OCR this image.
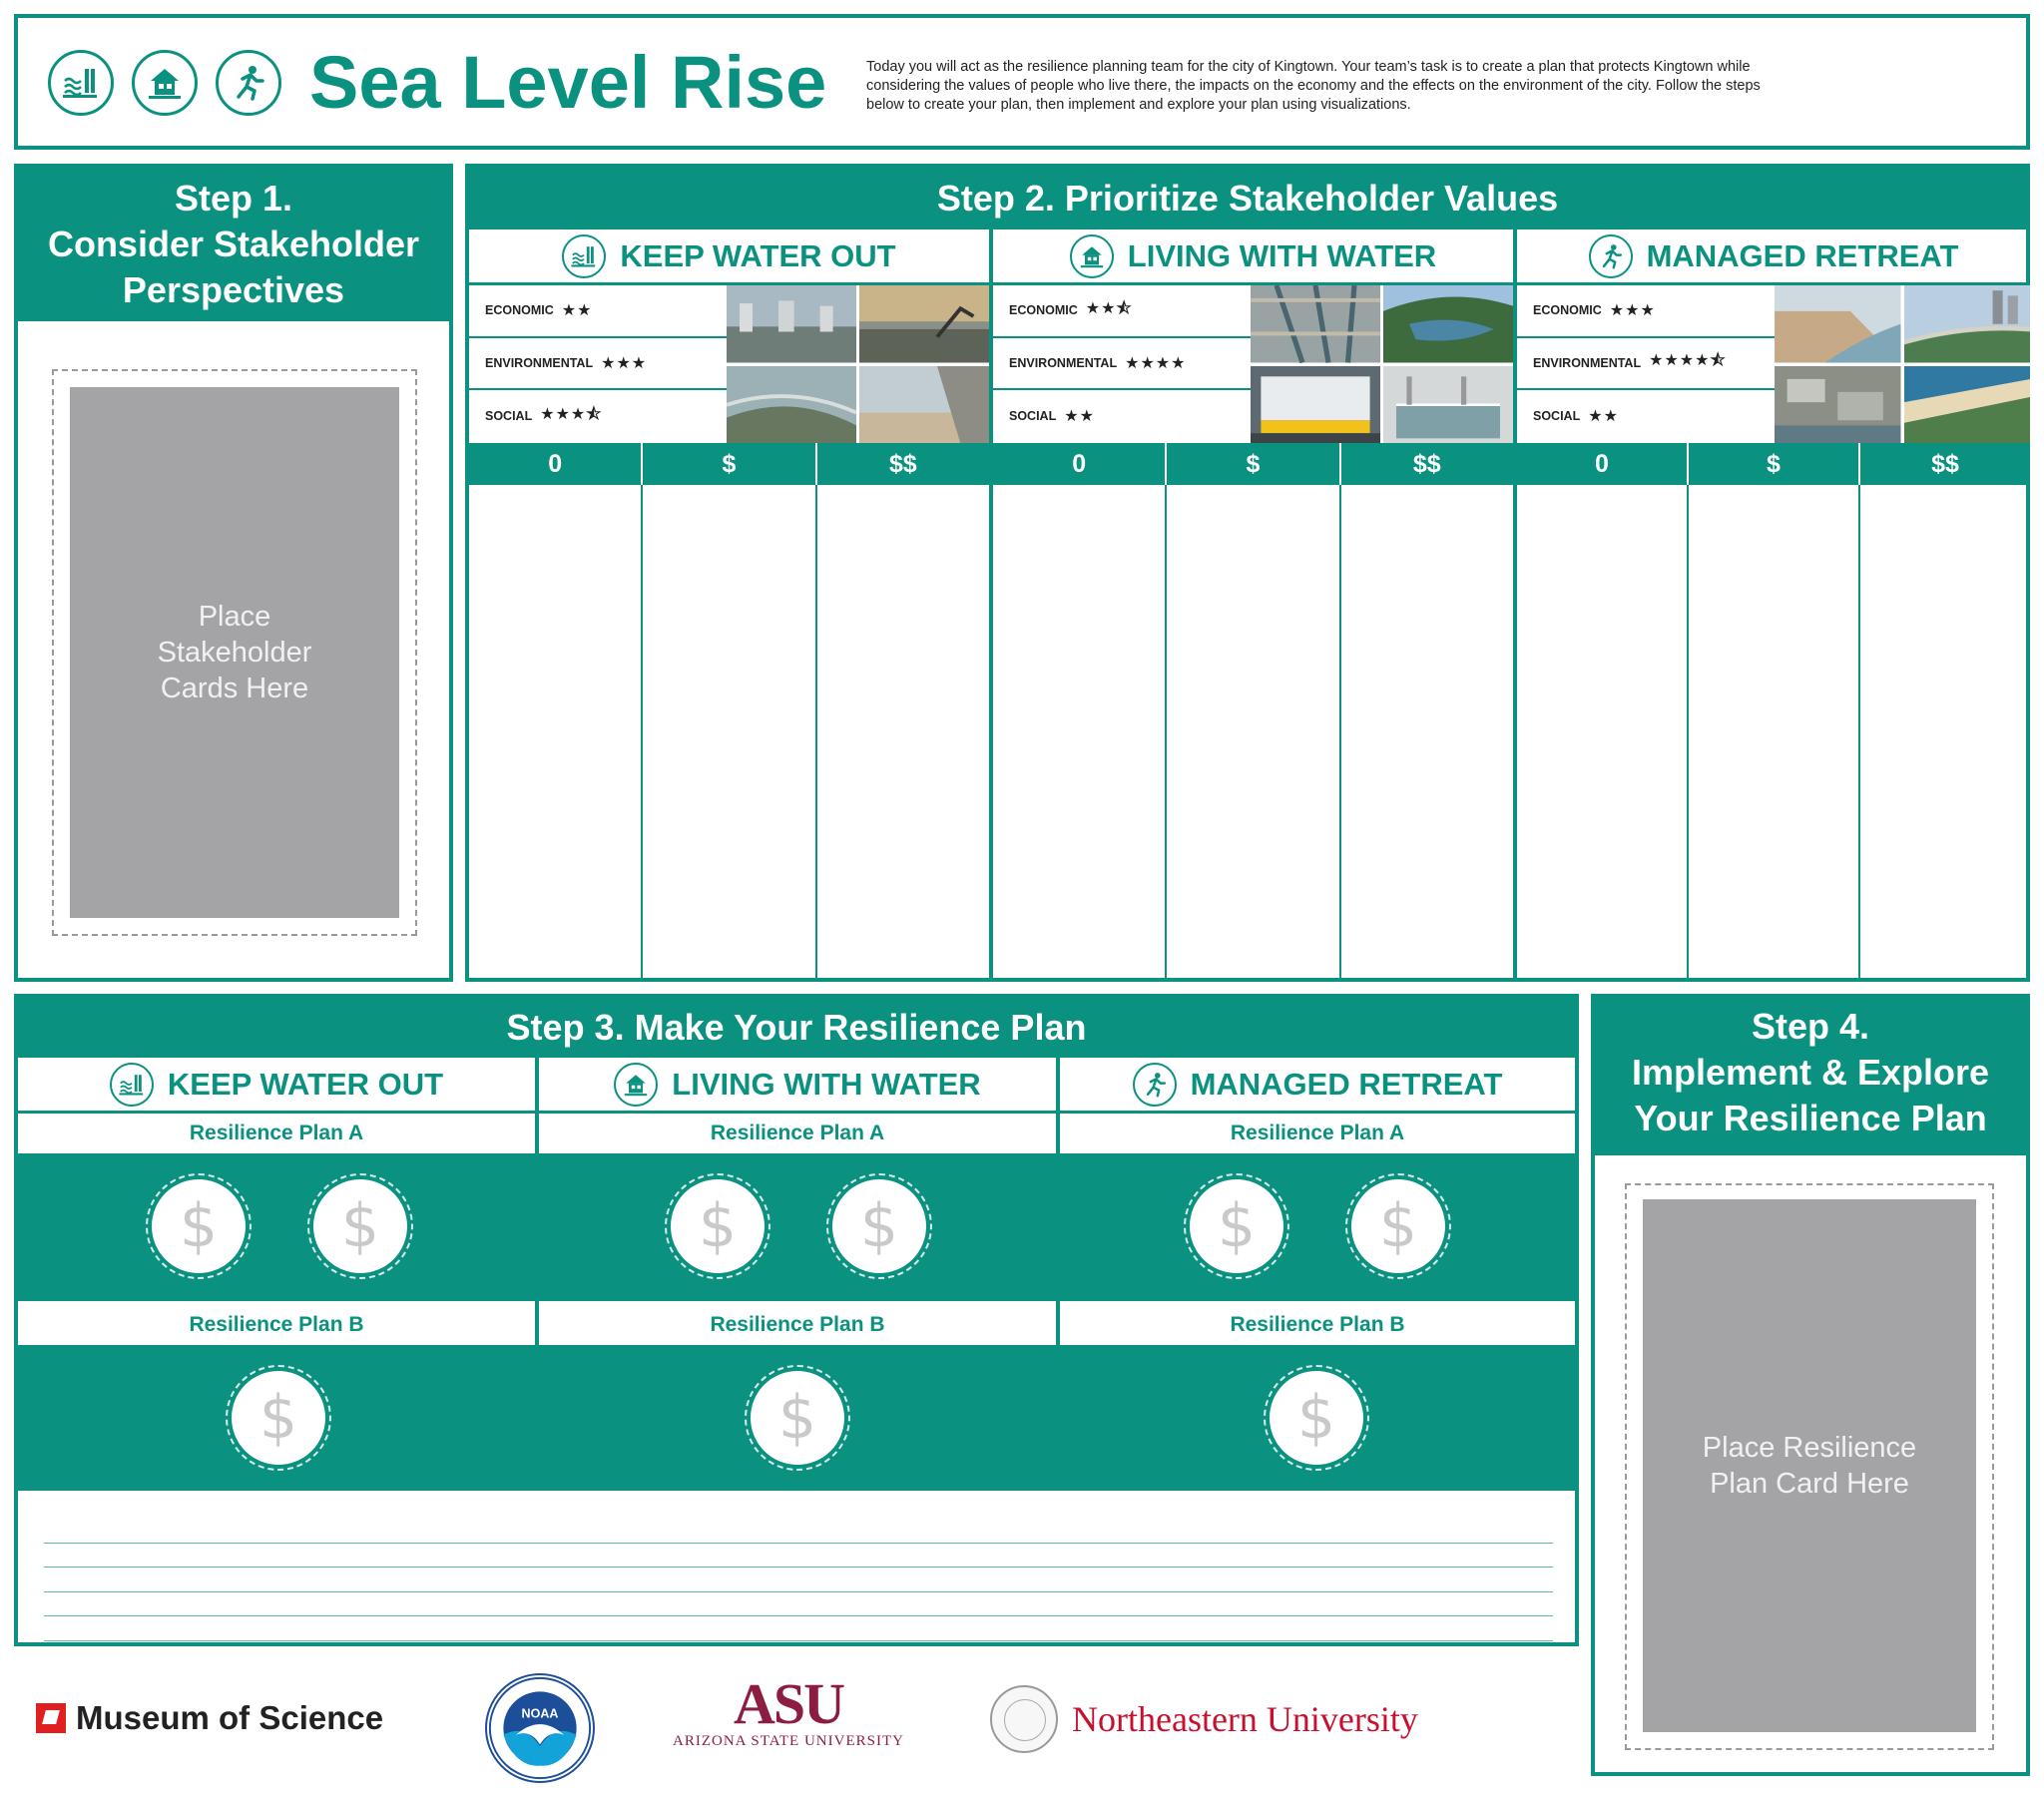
Sea Level Rise	Today you will act as the resilience planning team for the city of Kingtown. Your team’s task is to create a plan that protects Kingtown while considering the values of people who live there, the impacts on the economy and the effects on the environment of the city. Follow the steps below to create your plan, then implement and explore your plan using visualizations.
Step 1.
Consider Stakeholder
Perspectives
Place Stakeholder Cards Here
Step 2. Prioritize Stakeholder Values
KEEP WATER OUT
ECONOMIC ★★
ENVIRONMENTAL ★★★
SOCIAL ★★★⯪
0	$	$$
LIVING WITH WATER
ECONOMIC ★★⯪
ENVIRONMENTAL ★★★★
SOCIAL ★★
0	$	$$
MANAGED RETREAT
ECONOMIC ★★★
ENVIRONMENTAL ★★★★⯪
SOCIAL ★★
0	$	$$
Step 3. Make Your Resilience Plan
KEEP WATER OUT
Resilience Plan A
$	$
Resilience Plan B
$
LIVING WITH WATER
Resilience Plan A
$	$
Resilience Plan B
$
MANAGED RETREAT
Resilience Plan A
$	$
Resilience Plan B
$
Step 4.
Implement & Explore
Your Resilience Plan
Place Resilience Plan Card Here
Museum of Science	NOAA	ASU
ARIZONA STATE UNIVERSITY
Northeastern University
